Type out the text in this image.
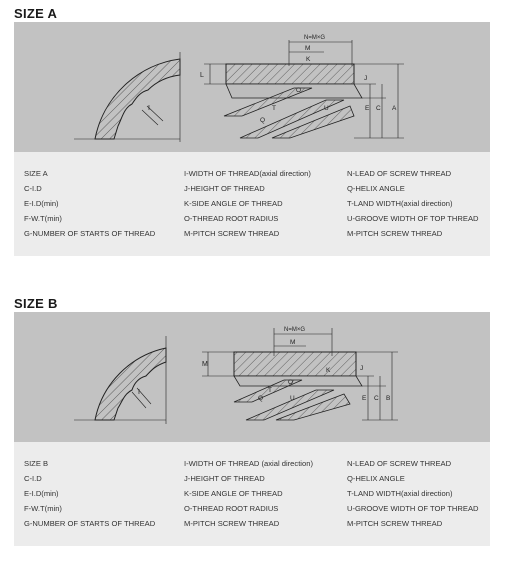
SIZE A
I
N=M×G
M
K
L
O
T	U
Q
J
E C A
SIZE A
C-I.D
E-I.D(min)
F-W.T(min)
G-NUMBER OF STARTS OF THREAD
I-WIDTH OF THREAD(axial direction)
J-HEIGHT OF THREAD
K-SIDE ANGLE OF THREAD
O-THREAD ROOT RADIUS
M-PITCH SCREW THREAD
N-LEAD OF SCREW THREAD
Q-HELIX ANGLE
T-LAND WIDTH(axial direction)
U-GROOVE WIDTH OF TOP THREAD
M-PITCH SCREW THREAD
SIZE B
I
N=M×G
M
M
O
K
T
Q	U
J
E C B
SIZE B
C-I.D
E-I.D(min)
F-W.T(min)
G-NUMBER OF STARTS OF THREAD
I-WIDTH OF THREAD (axial direction)
J-HEIGHT OF THREAD
K-SIDE ANGLE OF THREAD
O-THREAD ROOT RADIUS
M-PITCH SCREW THREAD
N-LEAD OF SCREW THREAD
Q-HELIX ANGLE
T-LAND WIDTH(axial direction)
U-GROOVE WIDTH OF TOP THREAD
M-PITCH SCREW THREAD
